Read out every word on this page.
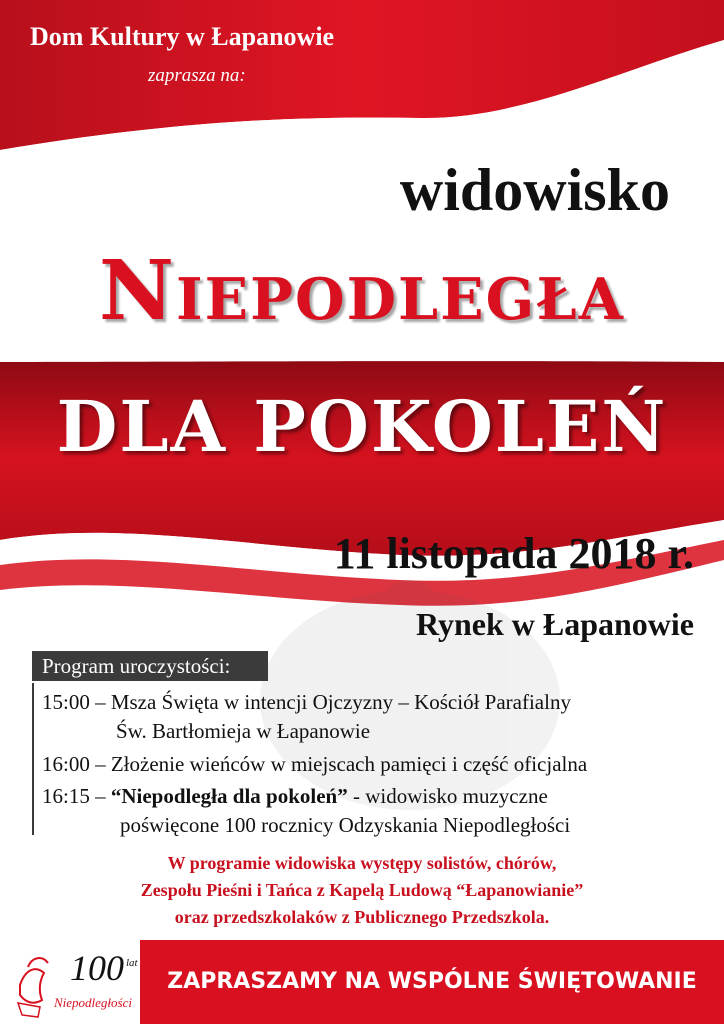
Dom Kultury w Łapanowie
zaprasza na:
widowisko
Niepodległa
DLA POKOLEŃ
11 listopada 2018 r.
Rynek w Łapanowie
Program uroczystości:
15:00 – Msza Święta w intencji Ojczyzny – Kościół Parafialny
Św. Bartłomieja w Łapanowie
16:00 – Złożenie wieńców w miejscach pamięci i część oficjalna
16:15 – “Niepodległa dla pokoleń” - widowisko muzyczne
poświęcone 100 rocznicy Odzyskania Niepodległości
W programie widowiska występy solistów, chórów,
Zespołu Pieśni i Tańca z Kapelą Ludową “Łapanowianie”
oraz przedszkolaków z Publicznego Przedszkola.
100 lat
Niepodległości
ZAPRASZAMY NA WSPÓLNE ŚWIĘTOWANIE
